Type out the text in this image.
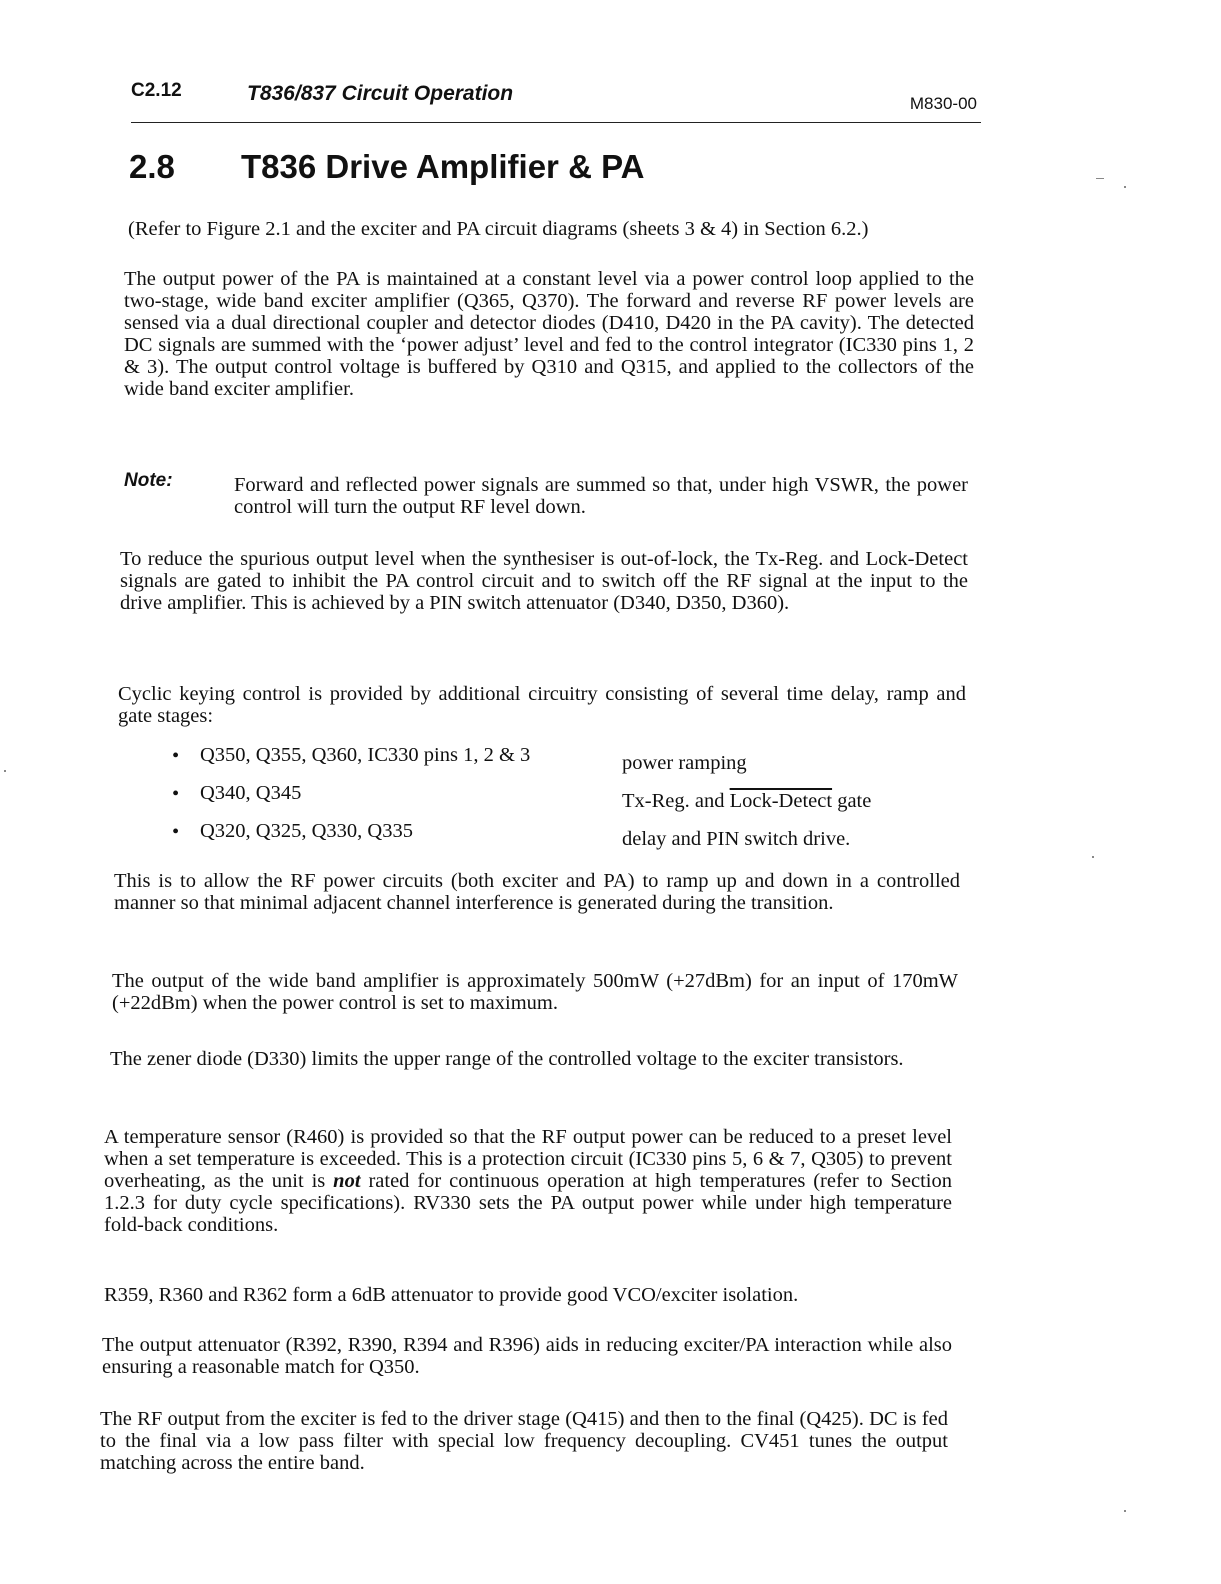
C2.12	T836/837 Circuit Operation	M830-00
2.8 T836 Drive Amplifier & PA
(Refer to Figure 2.1 and the exciter and PA circuit diagrams (sheets 3 & 4) in Section 6.2.)
The output power of the PA is maintained at a constant level via a power control loop applied to the two-stage, wide band exciter amplifier (Q365, Q370). The forward and reverse RF power levels are sensed via a dual directional coupler and detector diodes (D410, D420 in the PA cavity). The detected DC signals are summed with the ‘power adjust’ level and fed to the control integrator (IC330 pins 1, 2 & 3). The output control voltage is buffered by Q310 and Q315, and applied to the collectors of the wide band exciter amplifier.
Note:	Forward and reflected power signals are summed so that, under high VSWR, the power control will turn the output RF level down.
To reduce the spurious output level when the synthesiser is out-of-lock, the Tx-Reg. and Lock-Detect signals are gated to inhibit the PA control circuit and to switch off the RF signal at the input to the drive amplifier. This is achieved by a PIN switch attenuator (D340, D350, D360).
Cyclic keying control is provided by additional circuitry consisting of several time delay, ramp and gate stages:
• Q350, Q355, Q360, IC330 pins 1, 2 & 3	power ramping
• Q340, Q345	Tx-Reg. and Lock-Detect gate
• Q320, Q325, Q330, Q335	delay and PIN switch drive.
This is to allow the RF power circuits (both exciter and PA) to ramp up and down in a controlled manner so that minimal adjacent channel interference is generated during the transition.
The output of the wide band amplifier is approximately 500mW (+27dBm) for an input of 170mW (+22dBm) when the power control is set to maximum.
The zener diode (D330) limits the upper range of the controlled voltage to the exciter transistors.
A temperature sensor (R460) is provided so that the RF output power can be reduced to a preset level when a set temperature is exceeded. This is a protection circuit (IC330 pins 5, 6 & 7, Q305) to prevent overheating, as the unit is not rated for continuous operation at high temperatures (refer to Section 1.2.3 for duty cycle specifications). RV330 sets the PA output power while under high temperature fold-back conditions.
R359, R360 and R362 form a 6dB attenuator to provide good VCO/exciter isolation.
The output attenuator (R392, R390, R394 and R396) aids in reducing exciter/PA interaction while also ensuring a reasonable match for Q350.
The RF output from the exciter is fed to the driver stage (Q415) and then to the final (Q425). DC is fed to the final via a low pass filter with special low frequency decoupling. CV451 tunes the output matching across the entire band.
